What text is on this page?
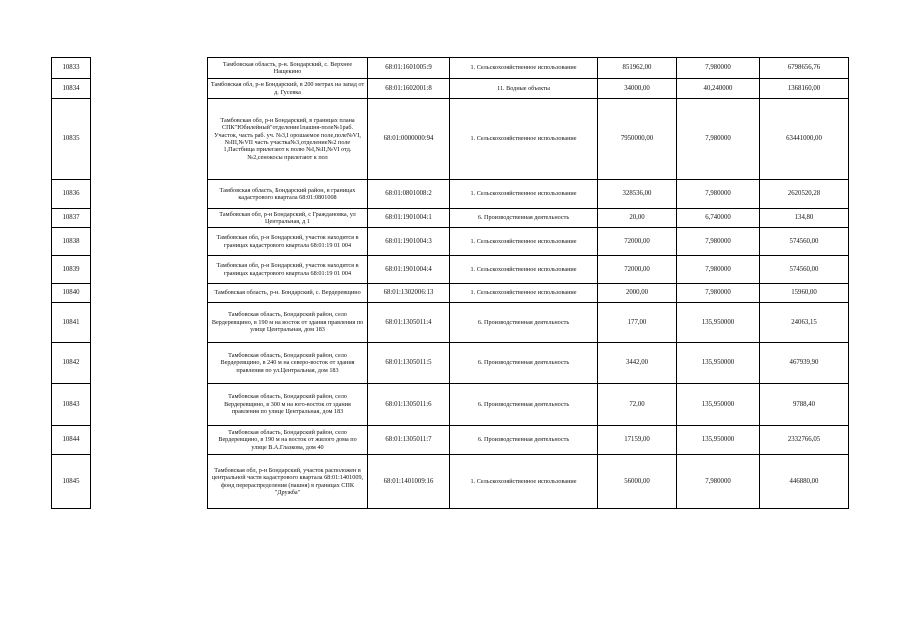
10833		Тамбовская область, р-н. Бондарский, с. Верхнее Нащекино	68:01:1601005:9	1. Сельскохозяйственное использование	851962,00	7,980000	6798656,76
10834		Тамбовская обл, р-н Бондарский, в 200 метрах на запад от д. Гусевка	68:01:1602001:8	11. Водные объекты	34000,00	40,240000	1368160,00
10835		Тамбовская обл, р-н Бондарский, в границах плана СПК"Юбилейный"отделение1пашня-поле№1раб. Участок, часть раб. уч. №3,I орошаемое поле,поле№VI,№III,№VII часть участка№3,отделение№2 поле 1,Пастбища прилегают к полю №I,№II,№VI отд. №2,сенокосы прилегают к пол	68:01:0000000:94	1. Сельскохозяйственное использование	7950000,00	7,980000	63441000,00
10836		Тамбовская область, Бондарский район, в границах кадастрового квартала 68:01:0801008	68:01:0801008:2	1. Сельскохозяйственное использование	328536,00	7,980000	2620520,28
10837		Тамбовская обл, р-н Бондарский, с Граждановка, ул Центральная, д 1	68:01:1901004:1	6. Производственная деятельность	20,00	6,740000	134,80
10838		Тамбовская обл, р-н Бондарский, участок находится в границах кадастрового квартала 68:01:19 01 004	68:01:1901004:3	1. Сельскохозяйственное использование	72000,00	7,980000	574560,00
10839		Тамбовская обл, р-н Бондарский, участок находится в границах кадастрового квартала 68:01:19 01 004	68:01:1901004:4	1. Сельскохозяйственное использование	72000,00	7,980000	574560,00
10840		Тамбовская область, р-н. Бондарский, с. Вердеревщино	68:01:1302006:13	1. Сельскохозяйственное использование	2000,00	7,980000	15960,00
10841		Тамбовская область, Бондарский район, село Вердеревщино, в 190 м на восток от здания правления по улице Центральная, дом 183	68:01:1305011:4	6. Производственная деятельность	177,00	135,950000	24063,15
10842		Тамбовская область, Бондарский район, село Вердеревщино, в 240 м на северо-восток от здания правления по ул.Центральная, дом 183	68:01:1305011:5	6. Производственная деятельность	3442,00	135,950000	467939,90
10843		Тамбовская область, Бондарский район, село Вердеревщино, в 300 м на юго-восток от здания правления по улице Центральная, дом 183	68:01:1305011:6	6. Производственная деятельность	72,00	135,950000	9788,40
10844		Тамбовская область, Бондарский район, село Вердеревщино, в 190 м на восток от жилого дома по улице В.А.Глазкова, дом 40	68:01:1305011:7	6. Производственная деятельность	17159,00	135,950000	2332766,05
10845		Тамбовская обл, р-н Бондарский, участок расположен в центральной части кадастрового квартала 68:01:1401009, фонд перераспределения (пашня) в границах СПК "Дружба"	68:01:1401009:16	1. Сельскохозяйственное использование	56000,00	7,980000	446880,00
